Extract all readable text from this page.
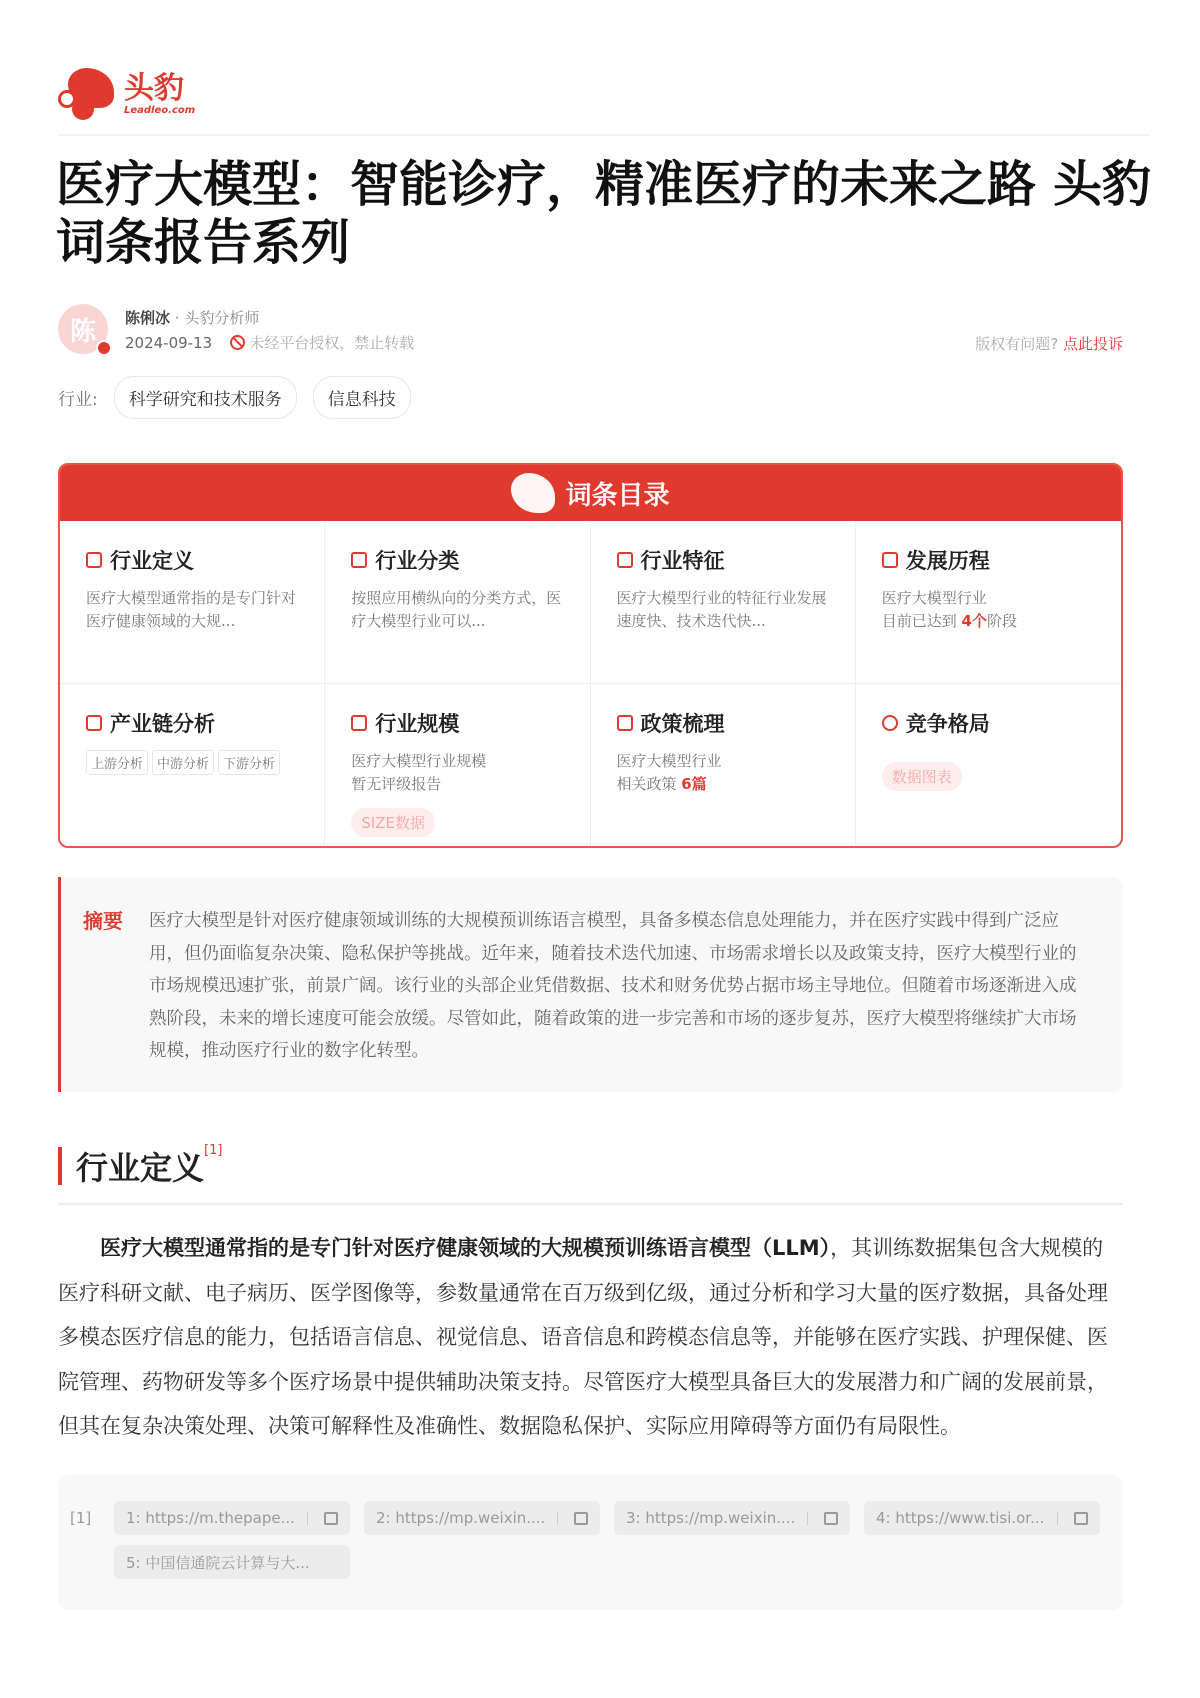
头豹
Leadleo.com
医疗大模型：智能诊疗，精准医疗的未来之路 头豹词条报告系列
陈 陈俐冰 · 头豹分析师
2024-09-13 未经平台授权，禁止转载	版权有问题? 点此投诉
行业:	科学研究和技术服务	信息科技
词条目录
行业定义

医疗大模型通常指的是专门针对医疗健康领域的大规...

行业分类

按照应用横纵向的分类方式，医疗大模型行业可以...

行业特征

医疗大模型行业的特征行业发展速度快、技术迭代快...

发展历程

医疗大模型行业
目前已达到 4个阶段

产业链分析
上游分析	中游分析	下游分析
行业规模

医疗大模型行业规模
暂无评级报告

SIZE数据
政策梳理

医疗大模型行业
相关政策 6篇

竞争格局
数据图表
摘要 医疗大模型是针对医疗健康领域训练的大规模预训练语言模型，具备多模态信息处理能力，并在医疗实践中得到广泛应用，但仍面临复杂决策、隐私保护等挑战。近年来，随着技术迭代加速、市场需求增长以及政策支持，医疗大模型行业的市场规模迅速扩张，前景广阔。该行业的头部企业凭借数据、技术和财务优势占据市场主导地位。但随着市场逐渐进入成熟阶段，未来的增长速度可能会放缓。尽管如此，随着政策的进一步完善和市场的逐步复苏，医疗大模型将继续扩大市场规模，推动医疗行业的数字化转型。

行业定义[1]

医疗大模型通常指的是专门针对医疗健康领域的大规模预训练语言模型（LLM），其训练数据集包含大规模的医疗科研文献、电子病历、医学图像等，参数量通常在百万级到亿级，通过分析和学习大量的医疗数据，具备处理多模态医疗信息的能力，包括语言信息、视觉信息、语音信息和跨模态信息等，并能够在医疗实践、护理保健、医院管理、药物研发等多个医疗场景中提供辅助决策支持。尽管医疗大模型具备巨大的发展潜力和广阔的发展前景，但其在复杂决策处理、决策可解释性及准确性、数据隐私保护、实际应用障碍等方面仍有局限性。

[1]	1: https://m.thepape...	2: https://mp.weixin....	3: https://mp.weixin....	4: https://www.tisi.or...
5: 中国信通院云计算与大...
